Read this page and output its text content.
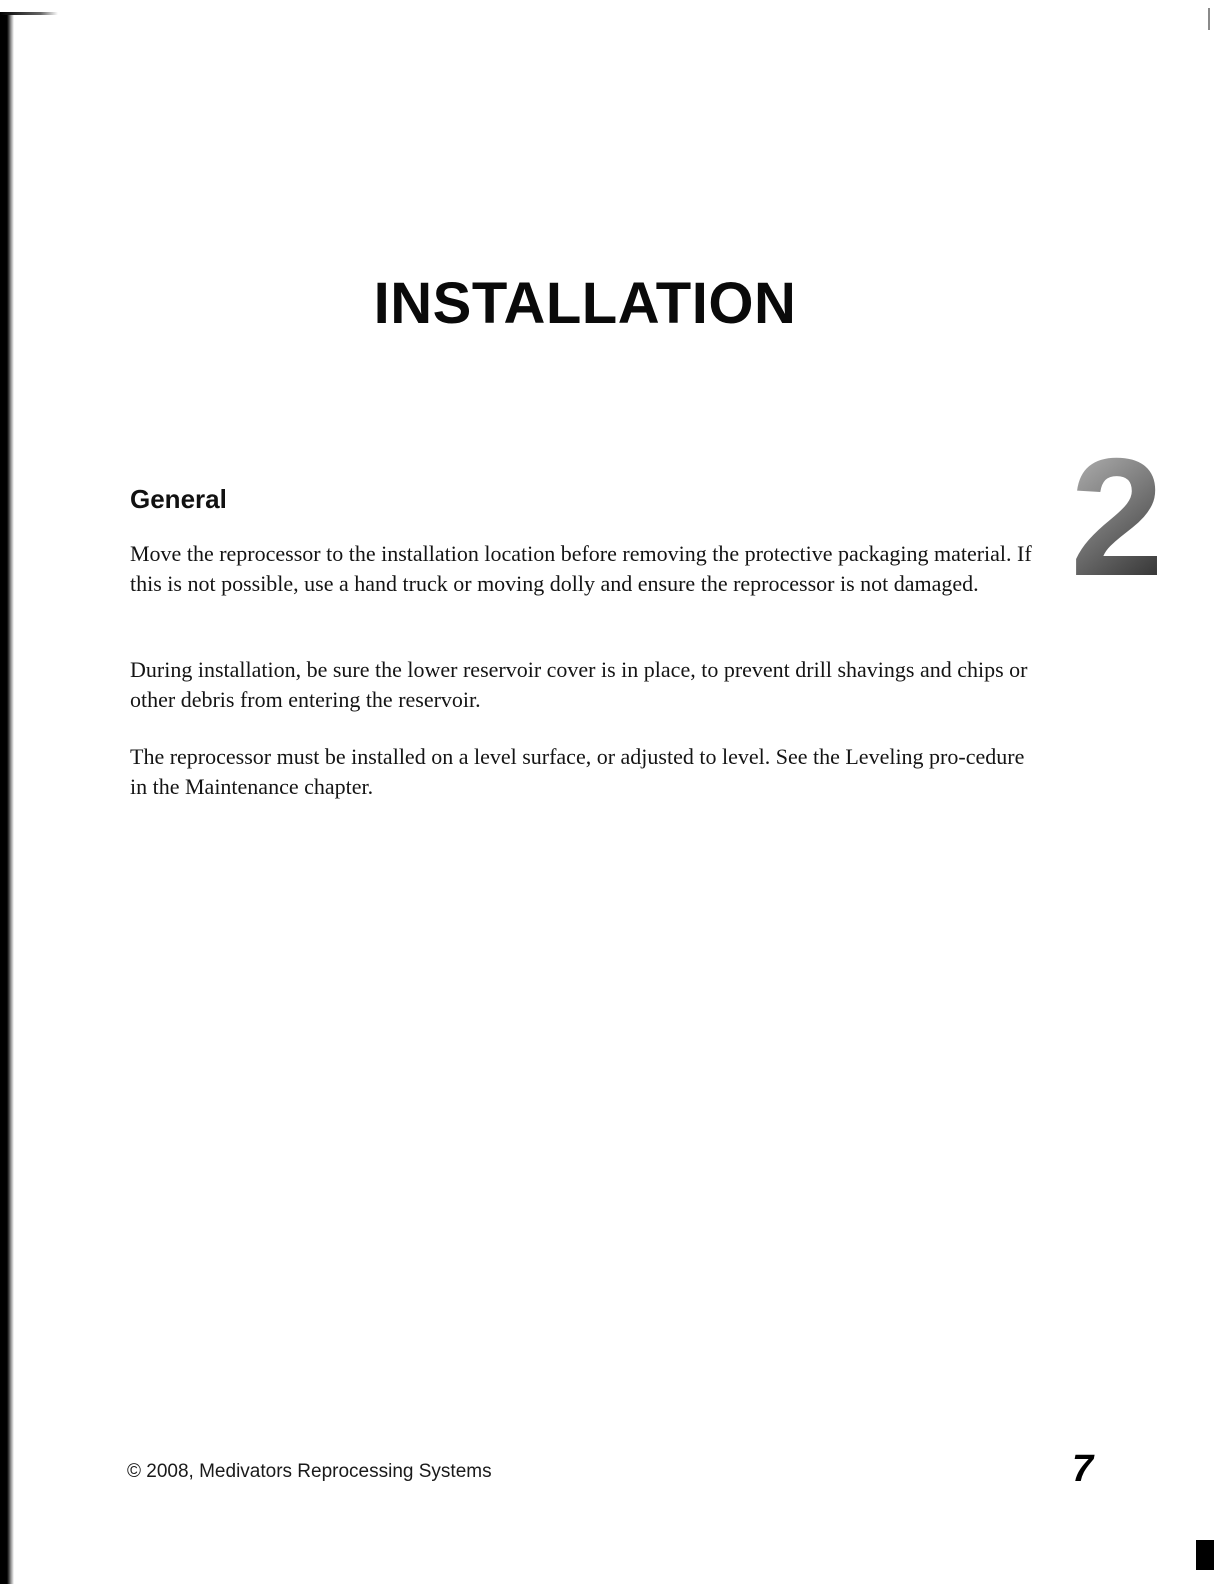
INSTALLATION
2
General

Move the reprocessor to the installation location before removing the protective packaging material. If this is not possible, use a hand truck or moving dolly and ensure the reprocessor is not damaged.

During installation, be sure the lower reservoir cover is in place, to prevent drill shavings and chips or other debris from entering the reservoir.

The reprocessor must be installed on a level surface, or adjusted to level. See the Leveling pro-cedure in the Maintenance chapter.

© 2008, Medivators Reprocessing Systems	7
